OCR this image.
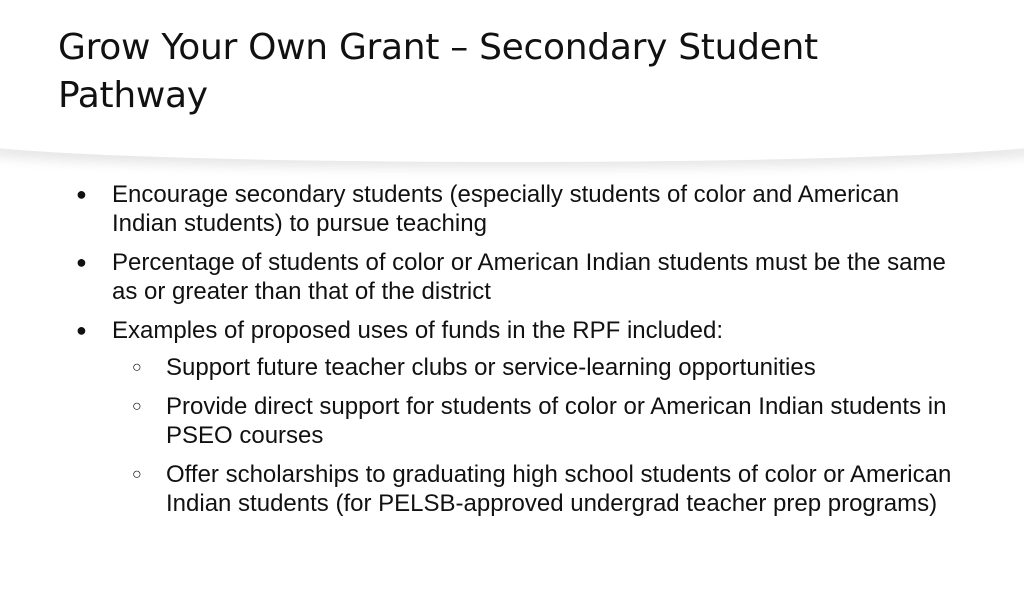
Grow Your Own Grant – Secondary Student Pathway
● Encourage secondary students (especially students of color and American Indian students) to pursue teaching
● Percentage of students of color or American Indian students must be the same as or greater than that of the district
● Examples of proposed uses of funds in the RPF included:
○ Support future teacher clubs or service-learning opportunities
○ Provide direct support for students of color or American Indian students in PSEO courses
○ Offer scholarships to graduating high school students of color or American Indian students (for PELSB-approved undergrad teacher prep programs)
